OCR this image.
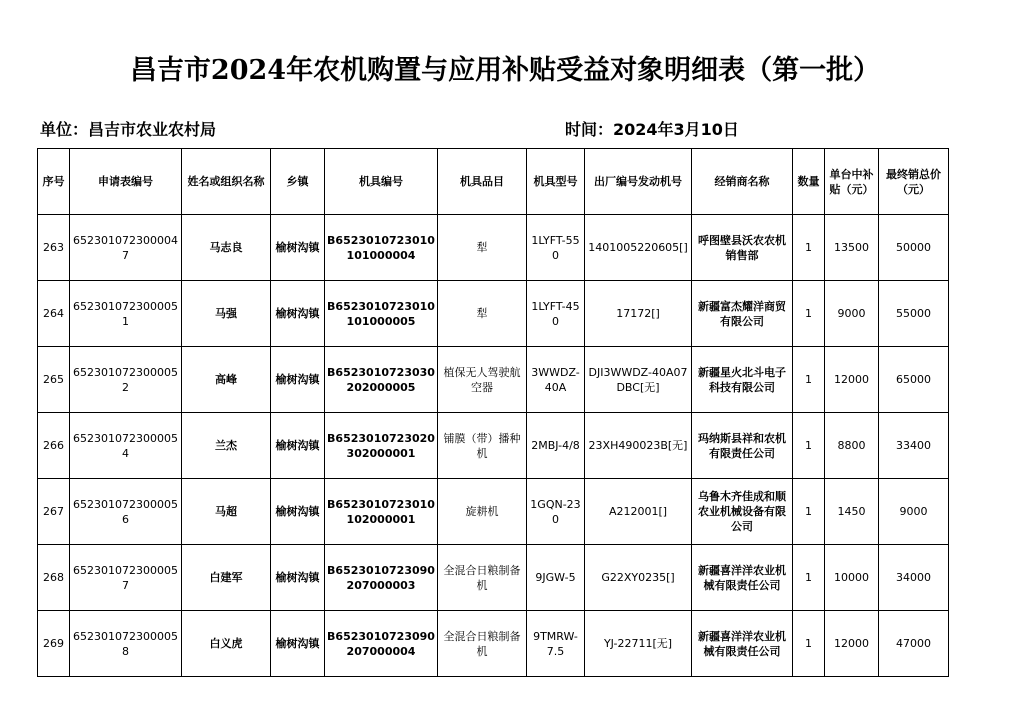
昌吉市2024年农机购置与应用补贴受益对象明细表（第一批）
单位：昌吉市农业农村局	时间：2024年3月10日
序号	申请表编号	姓名或组织名称	乡镇	机具编号	机具品目	机具型号	出厂编号发动机号	经销商名称	数量	单台中补贴（元）	最终销总价（元）
263	6523010723000047	马志良	榆树沟镇	B6523010723010101000004	犁	1LYFT-550	1401005220605[]	呼图壁县沃农农机销售部	1	13500	50000
264	6523010723000051	马强	榆树沟镇	B6523010723010101000005	犁	1LYFT-450	17172[]	新疆富杰耀洋商贸有限公司	1	9000	55000
265	6523010723000052	高峰	榆树沟镇	B6523010723030202000005	植保无人驾驶航空器	3WWDZ-40A	DJI3WWDZ-40A07DBC[无]	新疆星火北斗电子科技有限公司	1	12000	65000
266	6523010723000054	兰杰	榆树沟镇	B6523010723020302000001	铺膜（带）播种机	2MBJ-4/8	23XH490023B[无]	玛纳斯县祥和农机有限责任公司	1	8800	33400
267	6523010723000056	马超	榆树沟镇	B6523010723010102000001	旋耕机	1GQN-230	A212001[]	乌鲁木齐佳成和顺农业机械设备有限公司	1	1450	9000
268	6523010723000057	白建军	榆树沟镇	B6523010723090207000003	全混合日粮制备机	9JGW-5	G22XY0235[]	新疆喜洋洋农业机械有限责任公司	1	10000	34000
269	6523010723000058	白义虎	榆树沟镇	B6523010723090207000004	全混合日粮制备机	9TMRW-7.5	YJ-22711[无]	新疆喜洋洋农业机械有限责任公司	1	12000	47000
